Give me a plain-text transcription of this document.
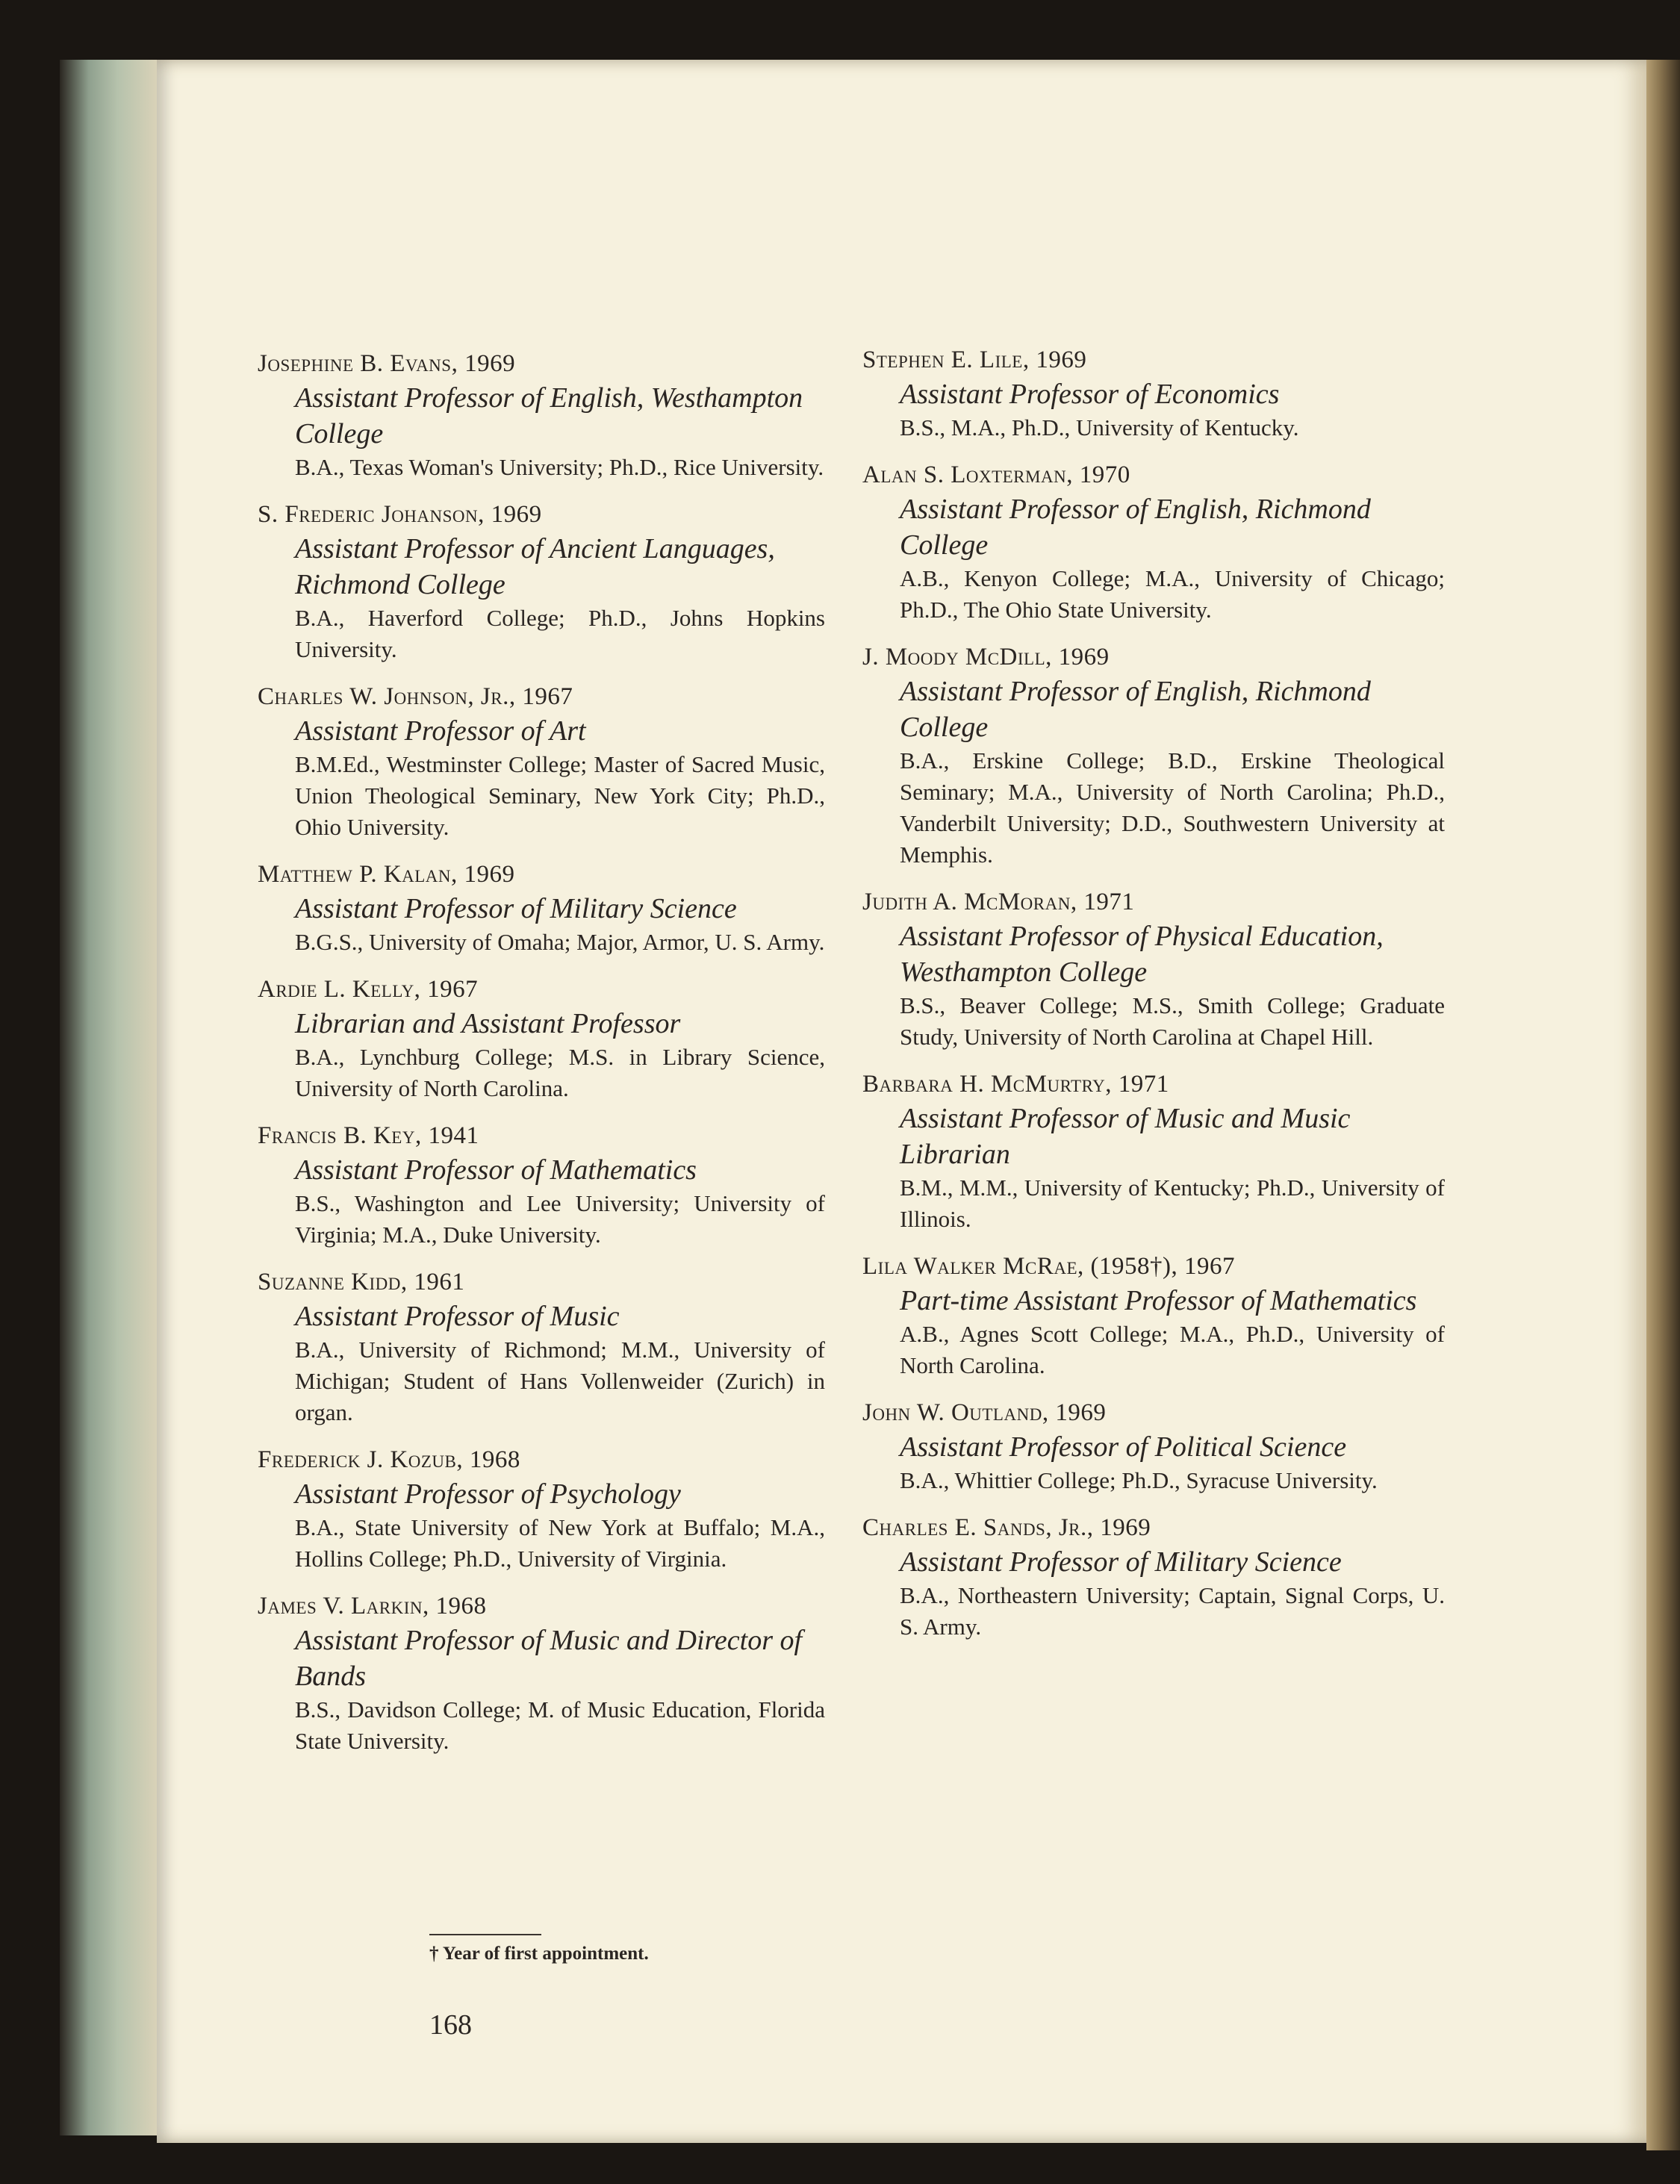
Josephine B. Evans, 1969
Assistant Professor of English, Westhampton College
B.A., Texas Woman's University; Ph.D., Rice University.
S. Frederic Johanson, 1969
Assistant Professor of Ancient Languages, Richmond College
B.A., Haverford College; Ph.D., Johns Hopkins University.
Charles W. Johnson, Jr., 1967
Assistant Professor of Art
B.M.Ed., Westminster College; Master of Sacred Music, Union Theological Seminary, New York City; Ph.D., Ohio University.
Matthew P. Kalan, 1969
Assistant Professor of Military Science
B.G.S., University of Omaha; Major, Armor, U. S. Army.
Ardie L. Kelly, 1967
Librarian and Assistant Professor
B.A., Lynchburg College; M.S. in Library Science, University of North Carolina.
Francis B. Key, 1941
Assistant Professor of Mathematics
B.S., Washington and Lee University; University of Virginia; M.A., Duke University.
Suzanne Kidd, 1961
Assistant Professor of Music
B.A., University of Richmond; M.M., University of Michigan; Student of Hans Vollenweider (Zurich) in organ.
Frederick J. Kozub, 1968
Assistant Professor of Psychology
B.A., State University of New York at Buffalo; M.A., Hollins College; Ph.D., University of Virginia.
James V. Larkin, 1968
Assistant Professor of Music and Director of Bands
B.S., Davidson College; M. of Music Education, Florida State University.
Stephen E. Lile, 1969
Assistant Professor of Economics
B.S., M.A., Ph.D., University of Kentucky.
Alan S. Loxterman, 1970
Assistant Professor of English, Richmond College
A.B., Kenyon College; M.A., University of Chicago; Ph.D., The Ohio State University.
J. Moody McDill, 1969
Assistant Professor of English, Richmond College
B.A., Erskine College; B.D., Erskine Theological Seminary; M.A., University of North Carolina; Ph.D., Vanderbilt University; D.D., Southwestern University at Memphis.
Judith A. McMoran, 1971
Assistant Professor of Physical Education, Westhampton College
B.S., Beaver College; M.S., Smith College; Graduate Study, University of North Carolina at Chapel Hill.
Barbara H. McMurtry, 1971
Assistant Professor of Music and Music Librarian
B.M., M.M., University of Kentucky; Ph.D., University of Illinois.
Lila Walker McRae, (1958†), 1967
Part-time Assistant Professor of Mathematics
A.B., Agnes Scott College; M.A., Ph.D., University of North Carolina.
John W. Outland, 1969
Assistant Professor of Political Science
B.A., Whittier College; Ph.D., Syracuse University.
Charles E. Sands, Jr., 1969
Assistant Professor of Military Science
B.A., Northeastern University; Captain, Signal Corps, U. S. Army.
† Year of first appointment.
168
